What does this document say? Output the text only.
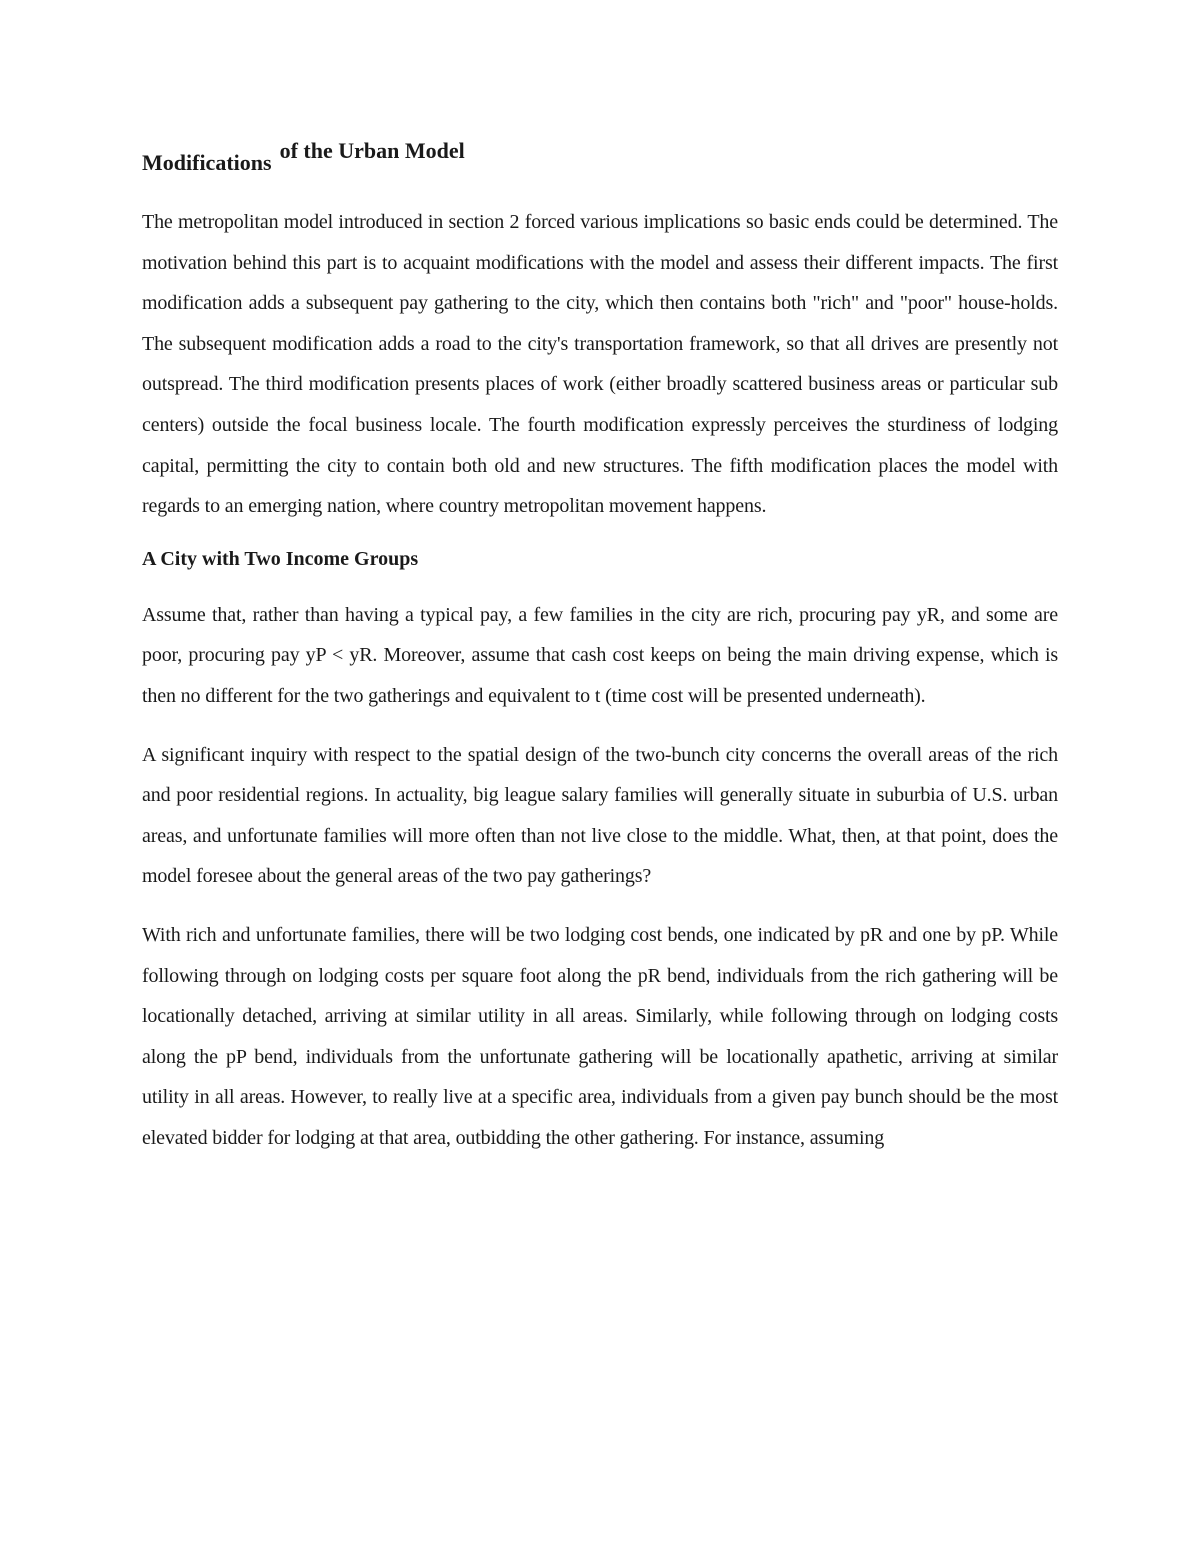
Modifications of the Urban Model

The metropolitan model introduced in section 2 forced various implications so basic ends could be determined. The motivation behind this part is to acquaint modifications with the model and assess their different impacts. The first modification adds a subsequent pay gathering to the city, which then contains both "rich" and "poor" house-holds. The subsequent modification adds a road to the city's transportation framework, so that all drives are presently not outspread. The third modification presents places of work (either broadly scattered business areas or particular sub centers) outside the focal business locale. The fourth modification expressly perceives the sturdiness of lodging capital, permitting the city to contain both old and new structures. The fifth modification places the model with regards to an emerging nation, where country metropolitan movement happens.

A City with Two Income Groups

Assume that, rather than having a typical pay, a few families in the city are rich, procuring pay yR, and some are poor, procuring pay yP < yR. Moreover, assume that cash cost keeps on being the main driving expense, which is then no different for the two gatherings and equivalent to t (time cost will be presented underneath).

A significant inquiry with respect to the spatial design of the two-bunch city concerns the overall areas of the rich and poor residential regions. In actuality, big league salary families will generally situate in suburbia of U.S. urban areas, and unfortunate families will more often than not live close to the middle. What, then, at that point, does the model foresee about the general areas of the two pay gatherings?

With rich and unfortunate families, there will be two lodging cost bends, one indicated by pR and one by pP. While following through on lodging costs per square foot along the pR bend, individuals from the rich gathering will be locationally detached, arriving at similar utility in all areas. Similarly, while following through on lodging costs along the pP bend, individuals from the unfortunate gathering will be locationally apathetic, arriving at similar utility in all areas. However, to really live at a specific area, individuals from a given pay bunch should be the most elevated bidder for lodging at that area, outbidding the other gathering. For instance, assuming
